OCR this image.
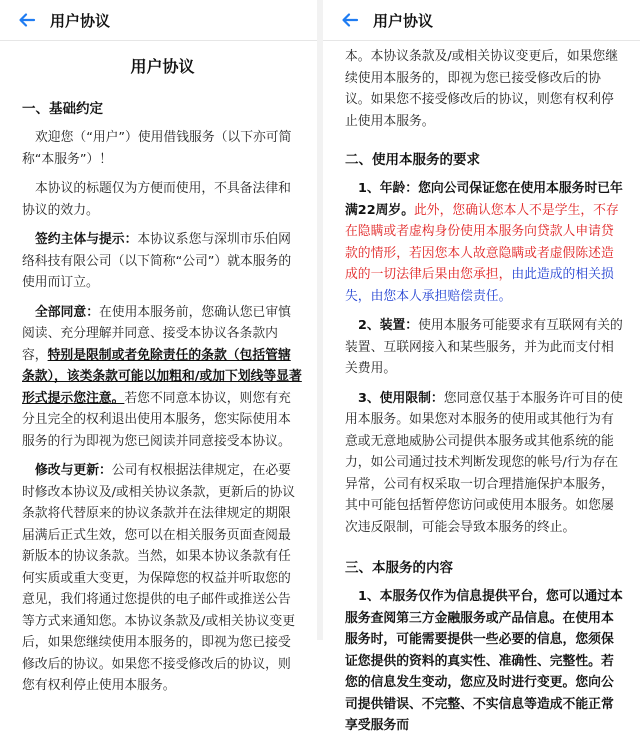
用户协议
用户协议
一、基础约定

欢迎您（“用户”）使用借钱服务（以下亦可简称“本服务”）！

本协议的标题仅为方便而使用，不具备法律和协议的效力。

签约主体与提示：本协议系您与深圳市乐伯网络科技有限公司（以下简称“公司”）就本服务的使用而订立。

全部同意：在使用本服务前，您确认您已审慎阅读、充分理解并同意、接受本协议各条款内容，特别是限制或者免除责任的条款（包括管辖条款），该类条款可能以加粗和/或加下划线等显著形式提示您注意。若您不同意本协议，则您有充分且完全的权利退出使用本服务，您实际使用本服务的行为即视为您已阅读并同意接受本协议。

修改与更新：公司有权根据法律规定，在必要时修改本协议及/或相关协议条款，更新后的协议条款将代替原来的协议条款并在法律规定的期限届满后正式生效，您可以在相关服务页面查阅最新版本的协议条款。当然，如果本协议条款有任何实质或重大变更，为保障您的权益并听取您的意见，我们将通过您提供的电子邮件或推送公告等方式来通知您。本协议条款及/或相关协议变更后，如果您继续使用本服务的，即视为您已接受修改后的协议。如果您不接受修改后的协议，则您有权利停止使用本服务。

用户协议

本。本协议条款及/或相关协议变更后，如果您继续使用本服务的，即视为您已接受修改后的协议。如果您不接受修改后的协议，则您有权利停止使用本服务。

二、使用本服务的要求

1、年龄：您向公司保证您在使用本服务时已年满22周岁。此外，您确认您本人不是学生，不存在隐瞒或者虚构身份使用本服务向贷款人申请贷款的情形，若因您本人故意隐瞒或者虚假陈述造成的一切法律后果由您承担，由此造成的相关损失，由您本人承担赔偿责任。

2、装置：使用本服务可能要求有互联网有关的装置、互联网接入和某些服务，并为此而支付相关费用。

3、使用限制：您同意仅基于本服务许可目的使用本服务。如果您对本服务的使用或其他行为有意或无意地威胁公司提供本服务或其他系统的能力，如公司通过技术判断发现您的帐号/行为存在异常，公司有权采取一切合理措施保护本服务，其中可能包括暂停您访问或使用本服务。如您屡次违反限制，可能会导致本服务的终止。

三、本服务的内容

1、本服务仅作为信息提供平台，您可以通过本服务查阅第三方金融服务或产品信息。在使用本服务时，可能需要提供一些必要的信息，您须保证您提供的资料的真实性、准确性、完整性。若您的信息发生变动，您应及时进行变更。您向公司提供错误、不完整、不实信息等造成不能正常享受服务而
